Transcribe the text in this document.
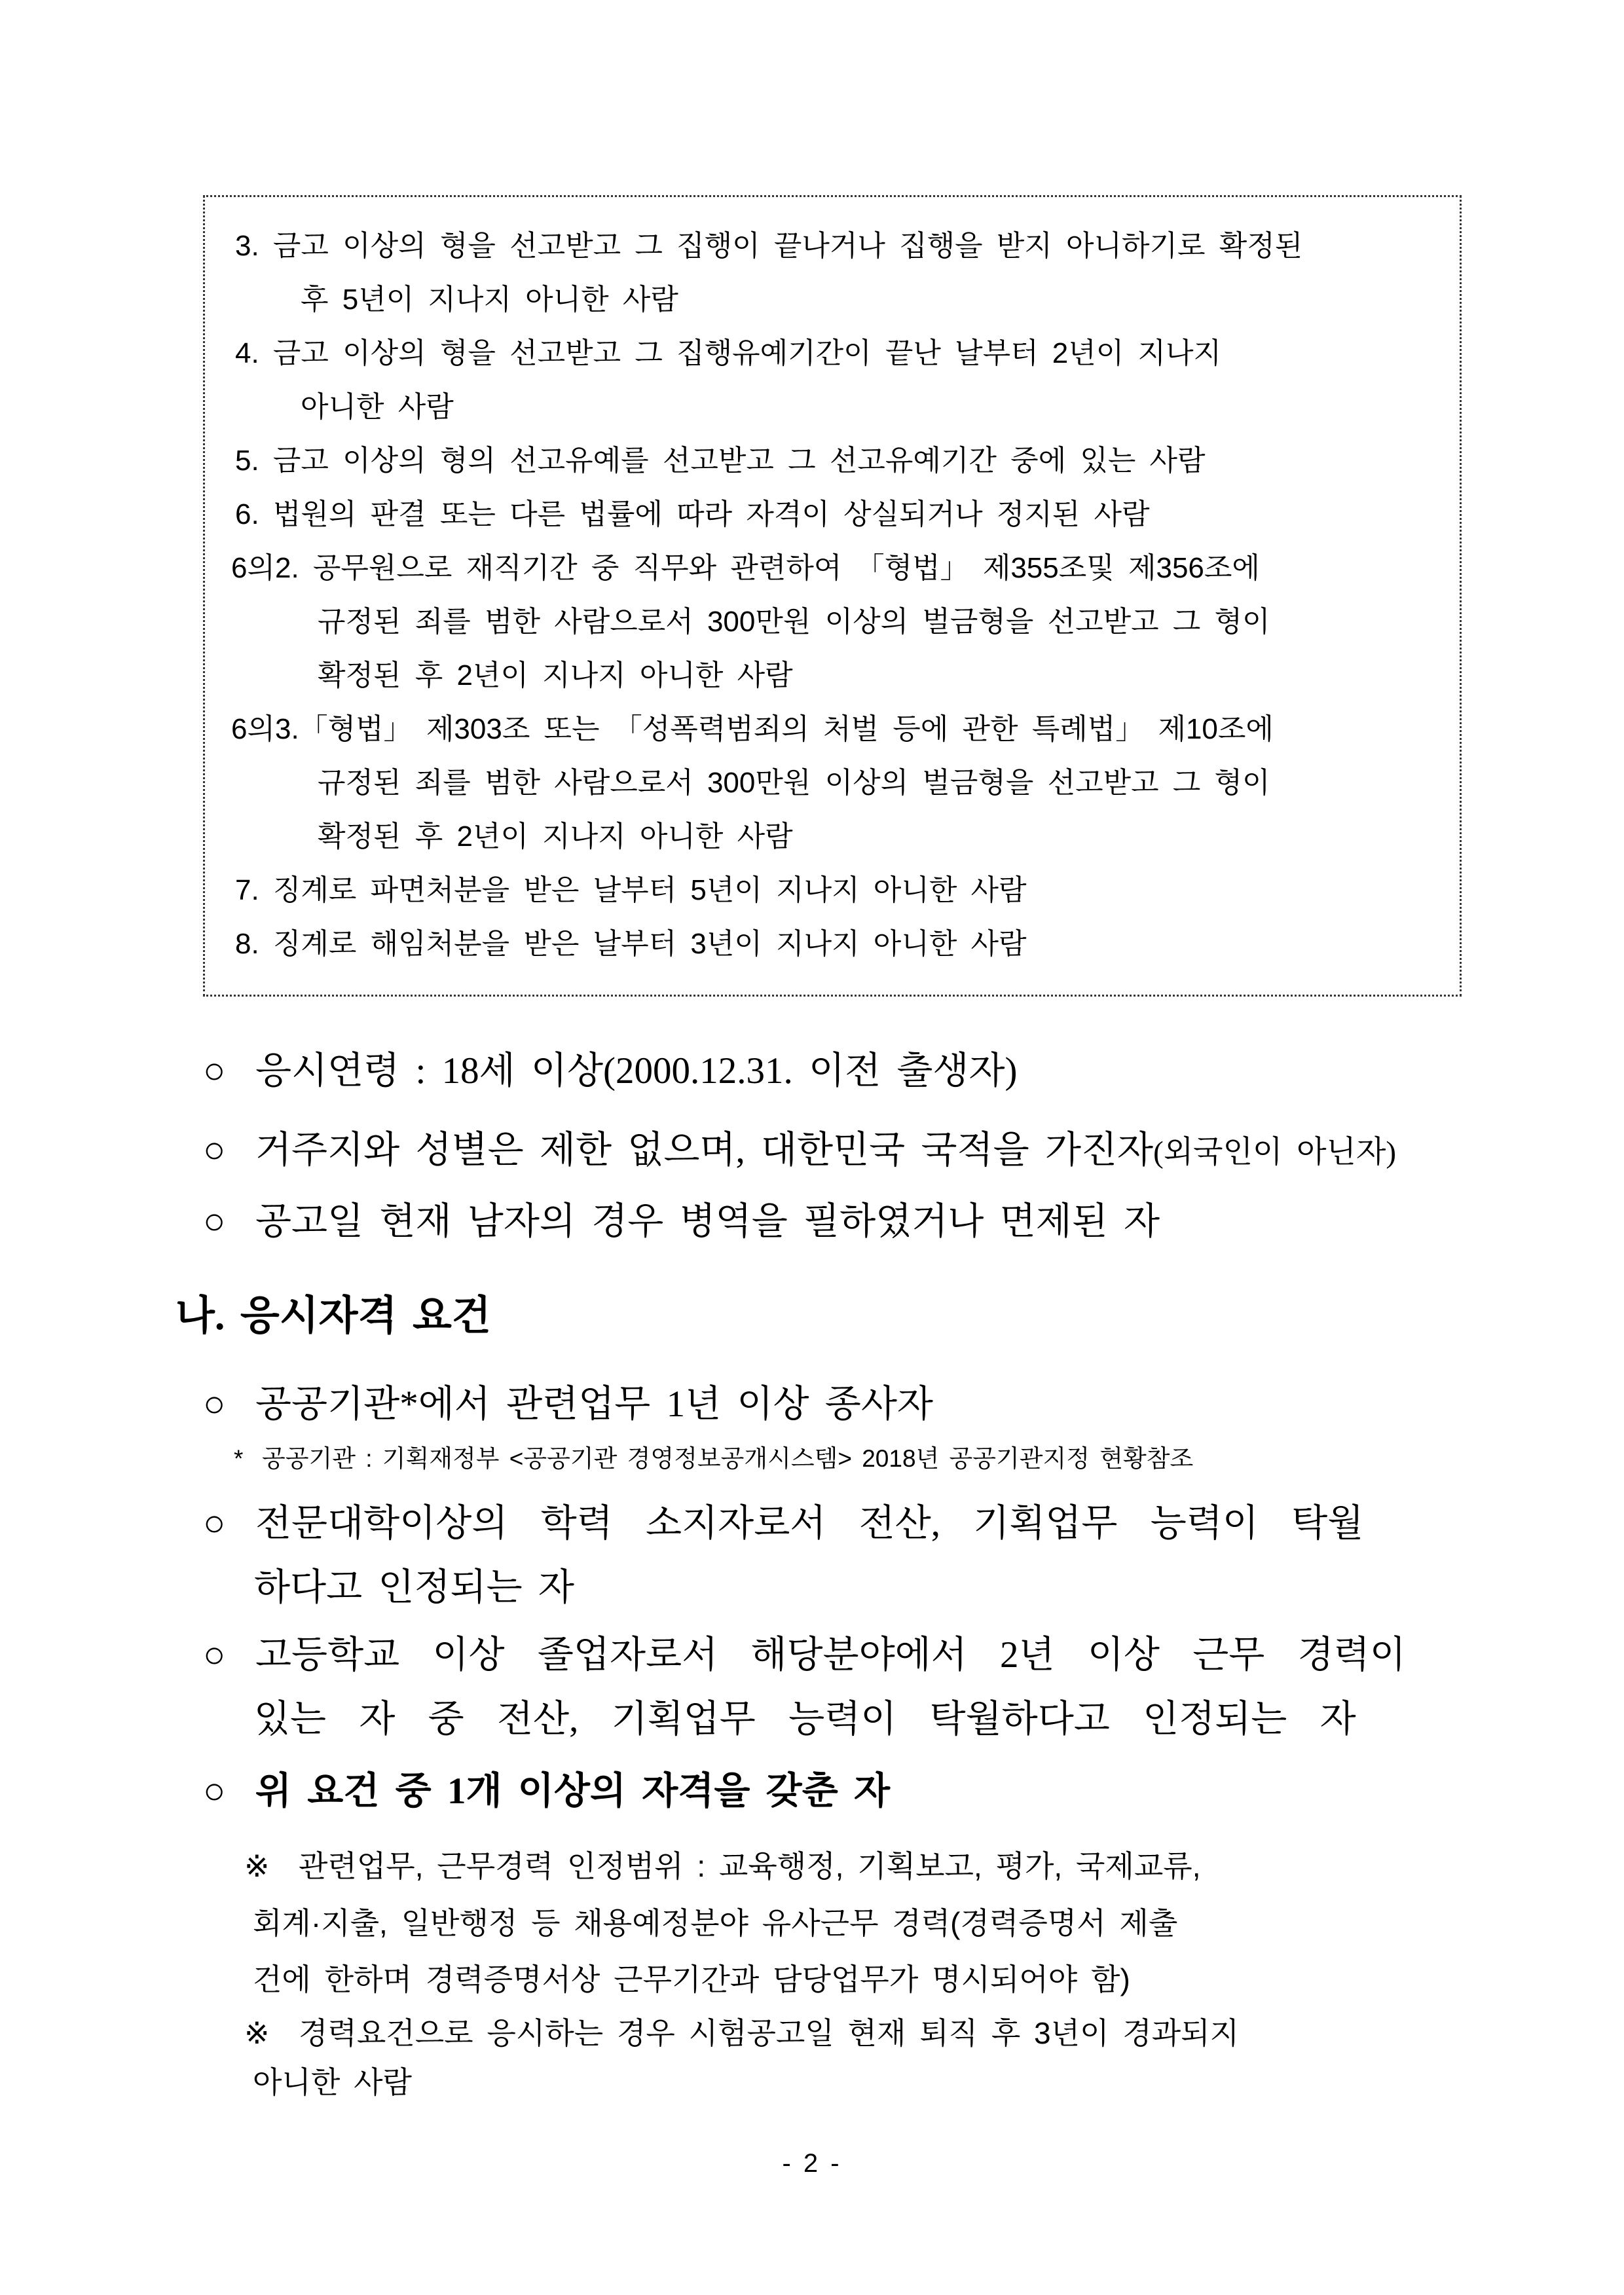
3. 금고 이상의 형을 선고받고 그 집행이 끝나거나 집행을 받지 아니하기로 확정된
후 5년이 지나지 아니한 사람
4. 금고 이상의 형을 선고받고 그 집행유예기간이 끝난 날부터 2년이 지나지
아니한 사람
5. 금고 이상의 형의 선고유예를 선고받고 그 선고유예기간 중에 있는 사람
6. 법원의 판결 또는 다른 법률에 따라 자격이 상실되거나 정지된 사람
6의2. 공무원으로 재직기간 중 직무와 관련하여 「형법」 제355조및 제356조에
규정된 죄를 범한 사람으로서 300만원 이상의 벌금형을 선고받고 그 형이
확정된 후 2년이 지나지 아니한 사람
6의3.「형법」 제303조 또는 「성폭력범죄의 처벌 등에 관한 특례법」 제10조에
규정된 죄를 범한 사람으로서 300만원 이상의 벌금형을 선고받고 그 형이
확정된 후 2년이 지나지 아니한 사람
7. 징계로 파면처분을 받은 날부터 5년이 지나지 아니한 사람
8. 징계로 해임처분을 받은 날부터 3년이 지나지 아니한 사람
○ 응시연령 : 18세 이상(2000.12.31. 이전 출생자)
○ 거주지와 성별은 제한 없으며, 대한민국 국적을 가진자(외국인이 아닌자)
○ 공고일 현재 남자의 경우 병역을 필하였거나 면제된 자
나. 응시자격 요건
○ 공공기관*에서 관련업무 1년 이상 종사자
* 공공기관 : 기획재정부 <공공기관 경영정보공개시스템> 2018년 공공기관지정 현황참조
○ 전문대학이상의 학력 소지자로서 전산, 기획업무 능력이 탁월
하다고 인정되는 자
○ 고등학교 이상 졸업자로서 해당분야에서 2년 이상 근무 경력이
있는 자 중 전산, 기획업무 능력이 탁월하다고 인정되는 자
○ 위 요건 중 1개 이상의 자격을 갖춘 자
※ 관련업무, 근무경력 인정범위 : 교육행정, 기획보고, 평가, 국제교류,
회계·지출, 일반행정 등 채용예정분야 유사근무 경력(경력증명서 제출
건에 한하며 경력증명서상 근무기간과 담당업무가 명시되어야 함)
※ 경력요건으로 응시하는 경우 시험공고일 현재 퇴직 후 3년이 경과되지
아니한 사람
- 2 -
